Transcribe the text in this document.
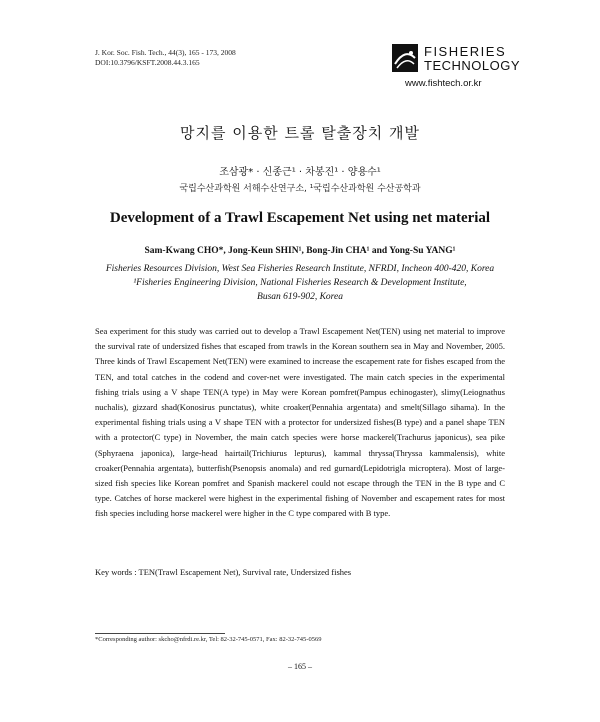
J. Kor. Soc. Fish. Tech., 44(3), 165 - 173, 2008
DOI:10.3796/KSFT.2008.44.3.165
FISHERIES
TECHNOLOGY
www.fishtech.or.kr
망지를 이용한 트롤 탈출장치 개발
조삼광* · 신종근¹ · 차봉진¹ · 양용수¹
국립수산과학원 서해수산연구소, ¹국립수산과학원 수산공학과
Development of a Trawl Escapement Net using net material
Sam-Kwang CHO*, Jong-Keun SHIN¹, Bong-Jin CHA¹ and Yong-Su YANG¹
Fisheries Resources Division, West Sea Fisheries Research Institute, NFRDI, Incheon 400-420, Korea
¹Fisheries Engineering Division, National Fisheries Research & Development Institute,
Busan 619-902, Korea
Sea experiment for this study was carried out to develop a Trawl Escapement Net(TEN) using net material to improve the survival rate of undersized fishes that escaped from trawls in the Korean southern sea in May and November, 2005. Three kinds of Trawl Escapement Net(TEN) were examined to increase the escapement rate for fishes escaped from the TEN, and total catches in the codend and cover-net were investigated. The main catch species in the experimental fishing trials using a V shape TEN(A type) in May were Korean pomfret(Pampus echinogaster), slimy(Leiognathus nuchalis), gizzard shad(Konosirus punctatus), white croaker(Pennahia argentata) and smelt(Sillago sihama). In the experimental fishing trials using a V shape TEN with a protector for undersized fishes(B type) and a panel shape TEN with a protector(C type) in November, the main catch species were horse mackerel(Trachurus japonicus), sea pike (Sphyraena japonica), large-head hairtail(Trichiurus lepturus), kammal thryssa(Thryssa kammalensis), white croaker(Pennahia argentata), butterfish(Psenopsis anomala) and red gurnard(Lepidotrigla microptera). Most of large-sized fish species like Korean pomfret and Spanish mackerel could not escape through the TEN in the B type and C type. Catches of horse mackerel were highest in the experimental fishing of November and escapement rates for most fish species including horse mackerel were higher in the C type compared with B type.
Key words : TEN(Trawl Escapement Net), Survival rate, Undersized fishes
*Corresponding author: skcho@nfrdi.re.kr, Tel: 82-32-745-0571, Fax: 82-32-745-0569
– 165 –
